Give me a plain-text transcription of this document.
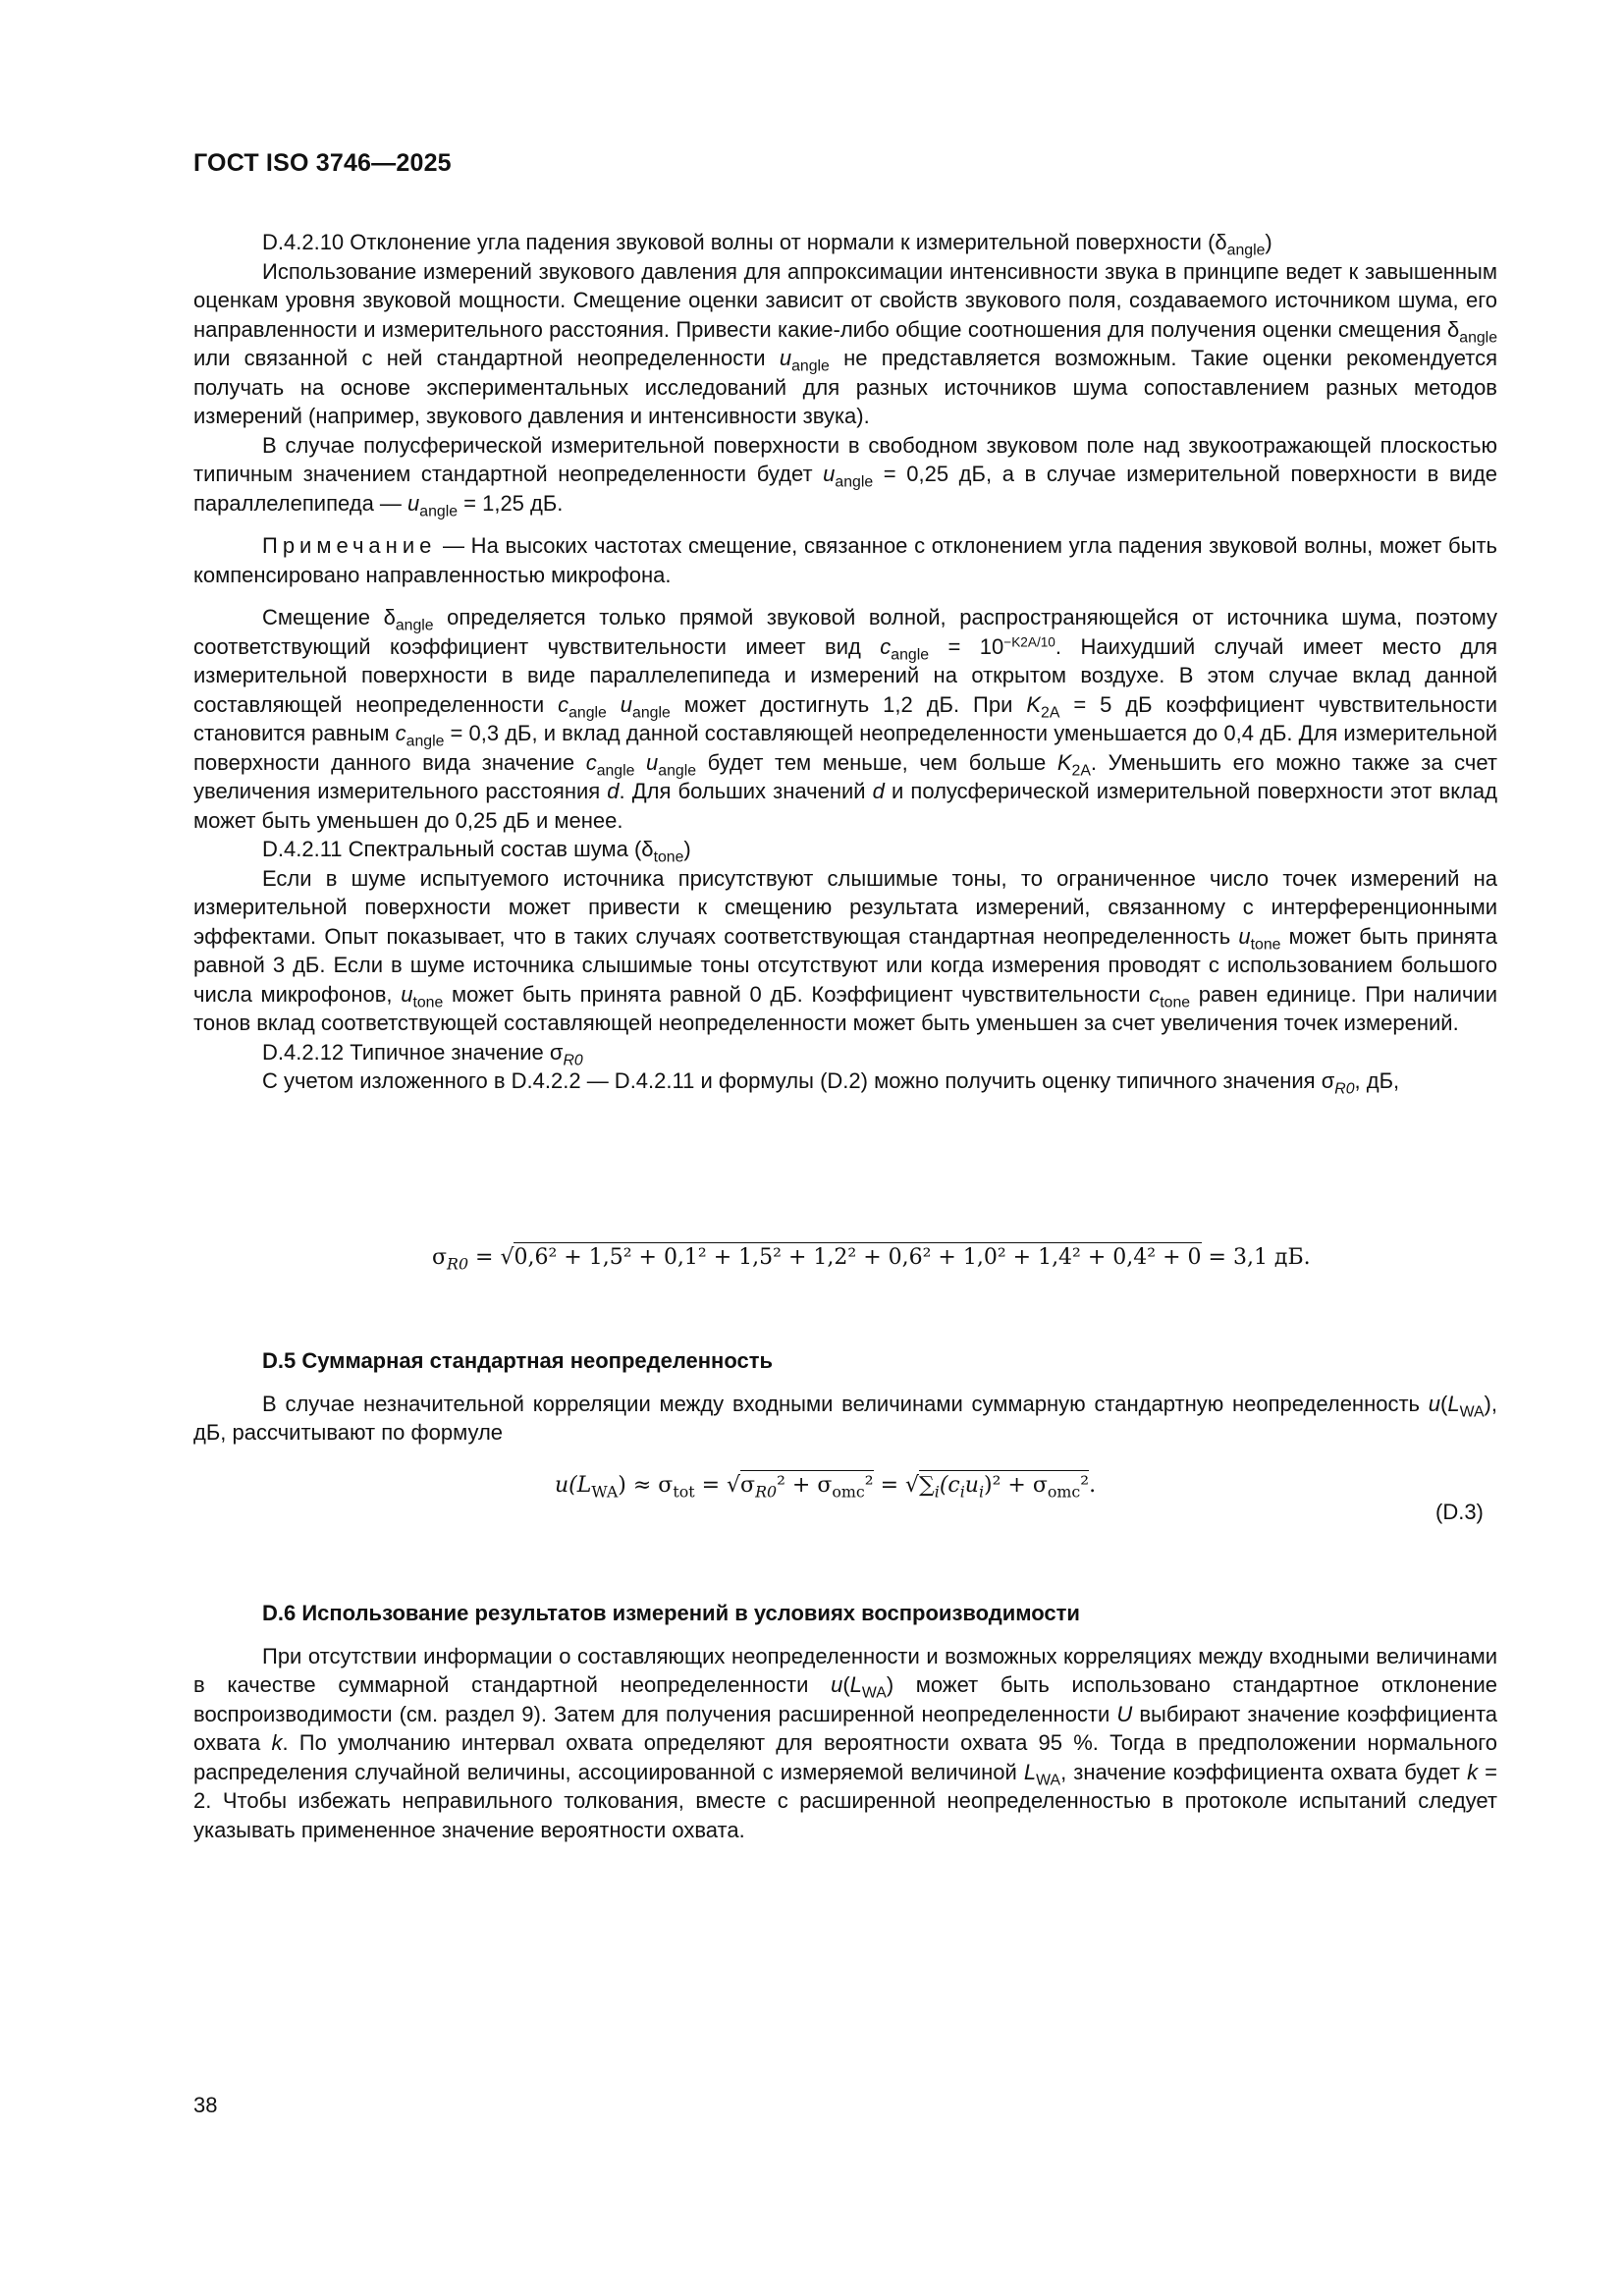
ГОСТ ISO 3746—2025

D.4.2.10 Отклонение угла падения звуковой волны от нормали к измерительной поверхности $(\delta_{angle})$

Использование измерений звукового давления для аппроксимации интенсивности звука в принципе ведет к завышенным оценкам уровня звуковой мощности. Смещение оценки зависит от свойств звукового поля, создаваемого источником шума, его направленности и измерительного расстояния. Привести какие-либо общие соотношения для получения оценки смещения $\delta_{angle}$ или связанной с ней стандартной неопределенности $u_{angle}$ не представляется возможным. Такие оценки рекомендуется получать на основе экспериментальных исследований для разных источников шума сопоставлением разных методов измерений (например, звукового давления и интенсивности звука).

В случае полусферической измерительной поверхности в свободном звуковом поле над звукоотражающей плоскостью типичным значением стандартной неопределенности будет $u_{angle} = 0,25$ дБ, а в случае измерительной поверхности в виде параллелепипеда — $u_{angle} = 1,25$ дБ.

Примечание — На высоких частотах смещение, связанное с отклонением угла падения звуковой волны, может быть компенсировано направленностью микрофона.

Смещение $\delta_{angle}$ определяется только прямой звуковой волной, распространяющейся от источника шума, поэтому соответствующий коэффициент чувствительности имеет вид $c_{angle} = 10^{-K2A/10}$. Наихудший случай имеет место для измерительной поверхности в виде параллелепипеда и измерений на открытом воздухе. В этом случае вклад данной составляющей неопределенности $c_{angle}$ $u_{angle}$ может достигнуть 1,2 дБ. При $K_{2A} = 5$ дБ коэффициент чувствительности становится равным $c_{angle} = 0,3$ дБ, и вклад данной составляющей неопределенности уменьшается до 0,4 дБ. Для измерительной поверхности данного вида значение $c_{angle}$ $u_{angle}$ будет тем меньше, чем больше $K_{2A}$. Уменьшить его можно также за счет увеличения измерительного расстояния d. Для больших значений d и полусферической измерительной поверхности этот вклад может быть уменьшен до 0,25 дБ и менее.

D.4.2.11 Спектральный состав шума $(\delta_{tone})$

Если в шуме испытуемого источника присутствуют слышимые тоны, то ограниченное число точек измерений на измерительной поверхности может привести к смещению результата измерений, связанному с интерференционными эффектами. Опыт показывает, что в таких случаях соответствующая стандартная неопределенность $u_{tone}$ может быть принята равной 3 дБ. Если в шуме источника слышимые тоны отсутствуют или когда измерения проводят с использованием большого числа микрофонов, $u_{tone}$ может быть принята равной 0 дБ. Коэффициент чувствительности $c_{tone}$ равен единице. При наличии тонов вклад соответствующей составляющей неопределенности может быть уменьшен за счет увеличения точек измерений.

D.4.2.12 Типичное значение $\sigma_{R0}$

С учетом изложенного в D.4.2.2 — D.4.2.11 и формулы (D.2) можно получить оценку типичного значения $\sigma_{R0}$, дБ,

$\sigma_{R0} = √0,6^2 + 1,5^2 + 0,1^2 + 1,5^2 + 1,2^2 + 0,6^2 + 1,0^2 + 1,4^2 + 0,4^2 + 0 = 3,1$ дБ.

D.5 Суммарная стандартная неопределенность

В случае незначительной корреляции между входными величинами суммарную стандартную неопределенность $u(L_{WA})$, дБ, рассчитывают по формуле

$u(L_{WA}) \approx \sigma_{tot} = √\sigma_{R0}^2 + \sigma_{omc}^2 = √\sum_i(c_iu_i)^2 + \sigma_{omc}^2$.
(D.3)

D.6 Использование результатов измерений в условиях воспроизводимости

При отсутствии информации о составляющих неопределенности и возможных корреляциях между входными величинами в качестве суммарной стандартной неопределенности $u(L_{WA})$ может быть использовано стандартное отклонение воспроизводимости (см. раздел 9). Затем для получения расширенной неопределенности U выбирают значение коэффициента охвата k. По умолчанию интервал охвата определяют для вероятности охвата 95 %. Тогда в предположении нормального распределения случайной величины, ассоциированной с измеряемой величиной $L_{WA}$, значение коэффициента охвата будет k = 2. Чтобы избежать неправильного толкования, вместе с расширенной неопределенностью в протоколе испытаний следует указывать примененное значение вероятности охвата.

38
